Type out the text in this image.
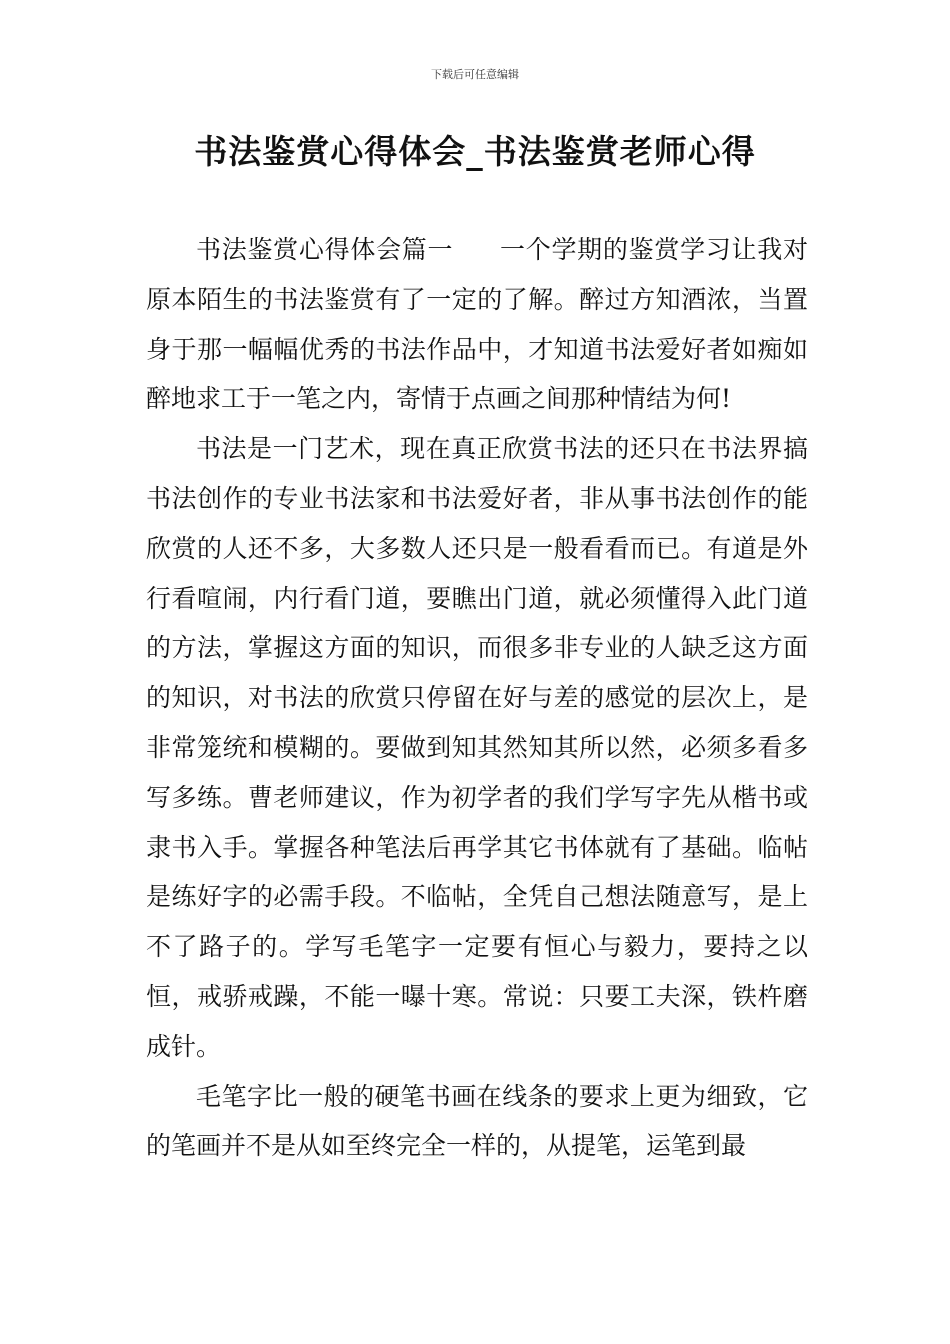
下载后可任意编辑
书法鉴赏心得体会_书法鉴赏老师心得

书法鉴赏心得体会篇一 一个学期的鉴赏学习让我对原本陌生的书法鉴赏有了一定的了解。醉过方知酒浓，当置身于那一幅幅优秀的书法作品中，才知道书法爱好者如痴如醉地求工于一笔之内，寄情于点画之间那种情结为何!

书法是一门艺术，现在真正欣赏书法的还只在书法界搞书法创作的专业书法家和书法爱好者，非从事书法创作的能欣赏的人还不多，大多数人还只是一般看看而已。有道是外行看喧闹，内行看门道，要瞧出门道，就必须懂得入此门道的方法，掌握这方面的知识，而很多非专业的人缺乏这方面的知识，对书法的欣赏只停留在好与差的感觉的层次上，是非常笼统和模糊的。要做到知其然知其所以然，必须多看多写多练。曹老师建议，作为初学者的我们学写字先从楷书或隶书入手。掌握各种笔法后再学其它书体就有了基础。临帖是练好字的必需手段。不临帖，全凭自己想法随意写，是上不了路子的。学写毛笔字一定要有恒心与毅力，要持之以恒，戒骄戒躁，不能一曝十寒。常说：只要工夫深，铁杵磨成针。

毛笔字比一般的硬笔书画在线条的要求上更为细致，它的笔画并不是从如至终完全一样的，从提笔，运笔到最
